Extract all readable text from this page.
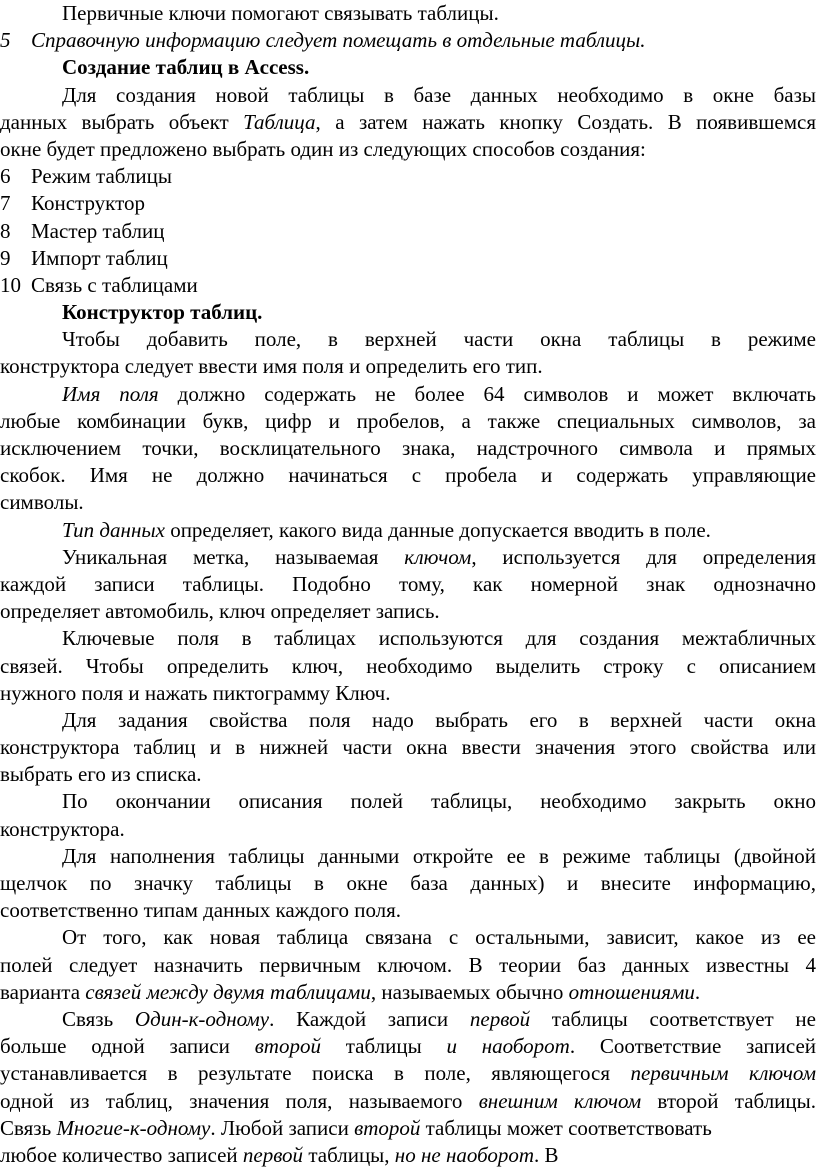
Первичные ключи помогают связывать таблицы.
5 Справочную информацию следует помещать в отдельные таблицы.
Создание таблиц в Access.
Для создания новой таблицы в базе данных необходимо в окне базы
данных выбрать объект Таблица, а затем нажать кнопку Создать. В появившемся
окне будет предложено выбрать один из следующих способов создания:
6 Режим таблицы
7 Конструктор
8 Мастер таблиц
9 Импорт таблиц
10 Связь с таблицами
Конструктор таблиц.
Чтобы добавить поле, в верхней части окна таблицы в режиме
конструктора следует ввести имя поля и определить его тип.
Имя поля должно содержать не более 64 символов и может включать
любые комбинации букв, цифр и пробелов, а также специальных символов, за
исключением точки, восклицательного знака, надстрочного символа и прямых
скобок. Имя не должно начинаться с пробела и содержать управляющие
символы.
Тип данных определяет, какого вида данные допускается вводить в поле.
Уникальная метка, называемая ключом, используется для определения
каждой записи таблицы. Подобно тому, как номерной знак однозначно
определяет автомобиль, ключ определяет запись.
Ключевые поля в таблицах используются для создания межтабличных
связей. Чтобы определить ключ, необходимо выделить строку с описанием
нужного поля и нажать пиктограмму Ключ.
Для задания свойства поля надо выбрать его в верхней части окна
конструктора таблиц и в нижней части окна ввести значения этого свойства или
выбрать его из списка.
По окончании описания полей таблицы, необходимо закрыть окно
конструктора.
Для наполнения таблицы данными откройте ее в режиме таблицы (двойной
щелчок по значку таблицы в окне база данных) и внесите информацию,
соответственно типам данных каждого поля.
От того, как новая таблица связана с остальными, зависит, какое из ее
полей следует назначить первичным ключом. В теории баз данных известны 4
варианта связей между двумя таблицами, называемых обычно отношениями.
Связь Один-к-одному. Каждой записи первой таблицы соответствует не
больше одной записи второй таблицы и наоборот. Соответствие записей
устанавливается в результате поиска в поле, являющегося первичным ключом
одной из таблиц, значения поля, называемого внешним ключом второй таблицы.
Связь Многие-к-одному. Любой записи второй таблицы может соответствовать
любое количество записей первой таблицы, но не наоборот. В
